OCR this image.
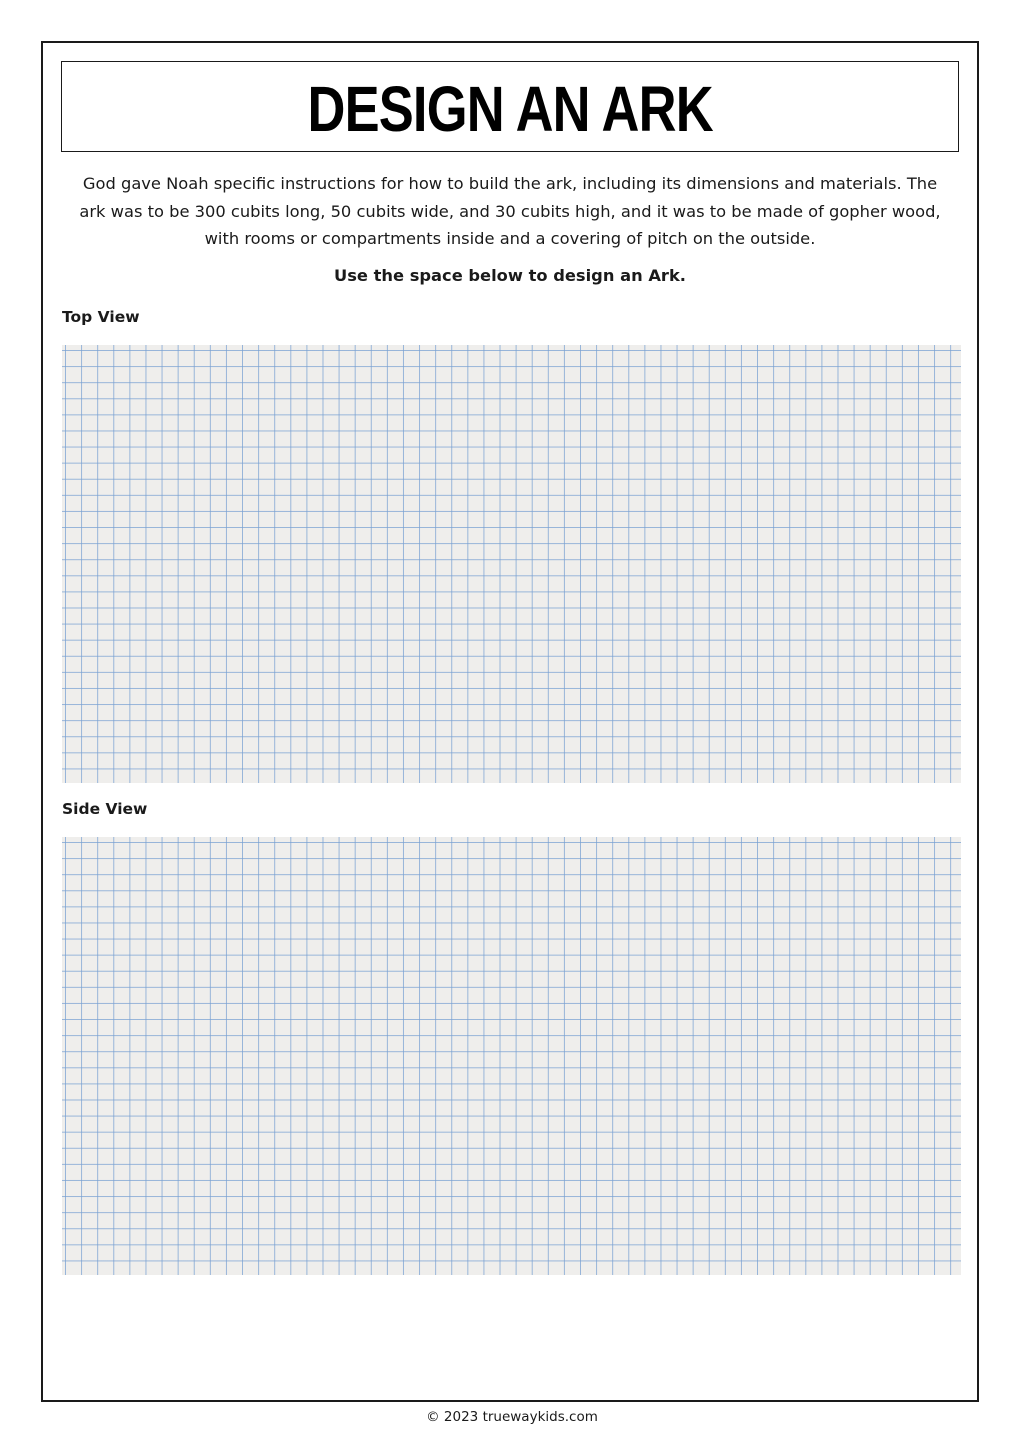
DESIGN AN ARK
God gave Noah specific instructions for how to build the ark, including its dimensions and materials. The
ark was to be 300 cubits long, 50 cubits wide, and 30 cubits high, and it was to be made of gopher wood,
with rooms or compartments inside and a covering of pitch on the outside.
Use the space below to design an Ark.
Top View
Side View
© 2023 truewaykids.com
